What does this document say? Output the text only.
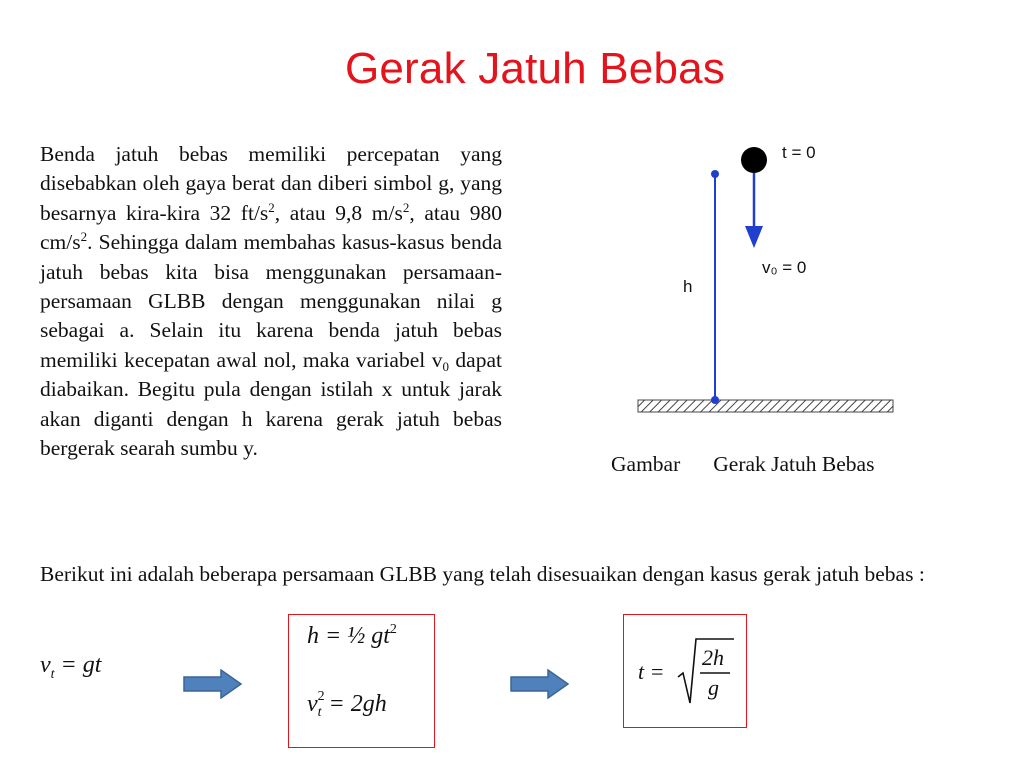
Gerak Jatuh Bebas
Benda jatuh bebas memiliki percepatan yang disebabkan oleh gaya berat dan diberi simbol g, yang besarnya kira-kira 32 $ft/s^2$, atau 9,8 $m/s^2$, atau 980 $cm/s^2$. Sehingga dalam membahas kasus-kasus benda jatuh bebas kita bisa menggunakan persamaan-persamaan GLBB dengan menggunakan nilai g sebagai a. Selain itu karena benda jatuh bebas memiliki kecepatan awal nol, maka variabel $v_0$ dapat diabaikan. Begitu pula dengan istilah x untuk jarak akan diganti dengan h karena gerak jatuh bebas bergerak searah sumbu y.
t = 0
h
v₀ = 0
Gambar Gerak Jatuh Bebas
Berikut ini adalah beberapa persamaan GLBB yang telah disesuaikan dengan kasus gerak jatuh bebas :
$v_t$ = gt
h = ½ $gt^2$
$v^2_t = 2gh$
t =
2h
g
